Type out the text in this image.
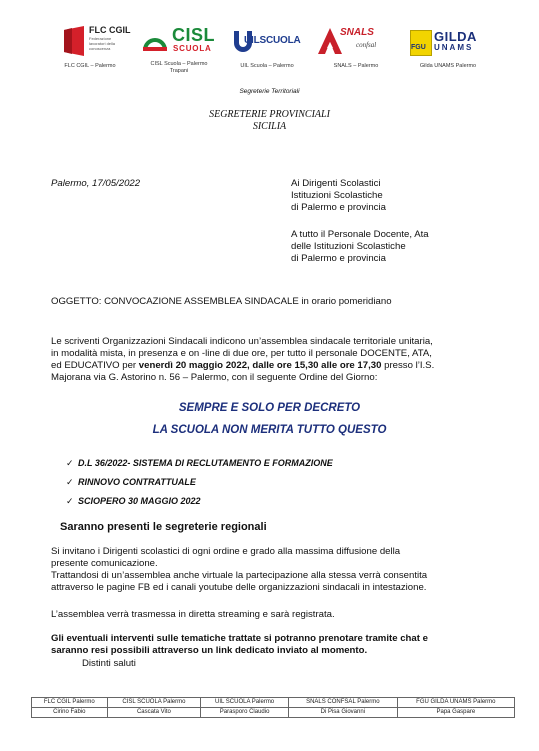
FLC CGIL
Federazione lavoratori della conoscenza
FLC CGIL – Palermo
CISL
SCUOLA
CISL Scuola – Palermo Trapani
UILSCUOLA
UIL Scuola – Palermo
SNALS
confsal
SNALS – Palermo
FGU
GILDA
UNAMS
Gilda UNAMS Palermo
Segreterie Territoriali
SEGRETERIE PROVINCIALI
SICILIA
Palermo, 17/05/2022	Ai Dirigenti Scolastici
Istituzioni Scolastiche
di Palermo e provincia
A tutto il Personale Docente, Ata
delle Istituzioni Scolastiche
di Palermo e provincia
OGGETTO: CONVOCAZIONE ASSEMBLEA SINDACALE in orario pomeridiano
Le scriventi Organizzazioni Sindacali indicono un’assemblea sindacale territoriale unitaria,
in modalità mista, in presenza e on -line di due ore, per tutto il personale DOCENTE, ATA,
ed EDUCATIVO per venerdì 20 maggio 2022, dalle ore 15,30 alle ore 17,30 presso l’I.S.
Majorana via G. Astorino n. 56 – Palermo, con il seguente Ordine del Giorno:
SEMPRE E SOLO PER DECRETO
LA SCUOLA NON MERITA TUTTO QUESTO
✓ D.L 36/2022- SISTEMA DI RECLUTAMENTO E FORMAZIONE
✓ RINNOVO CONTRATTUALE
✓ SCIOPERO 30 MAGGIO 2022
Saranno presenti le segreterie regionali
Si invitano i Dirigenti scolastici di ogni ordine e grado alla massima diffusione della
presente comunicazione.
Trattandosi di un’assemblea anche virtuale la partecipazione alla stessa verrà consentita
attraverso le pagine FB ed i canali youtube delle organizzazioni sindacali in intestazione.
L’assemblea verrà trasmessa in diretta streaming e sarà registrata.
Gli eventuali interventi sulle tematiche trattate si potranno prenotare tramite chat e
saranno resi possibili attraverso un link dedicato inviato al momento.
Distinti saluti
FLC CGIL Palermo	CISL SCUOLA Palermo	UIL SCUOLA Palermo	SNALS CONFSAL Palermo	FGU GILDA UNAMS Palermo
Cirino Fabio	Cascata Vito	Parasporo Claudio	Di Pisa Giovanni	Papa Gaspare
